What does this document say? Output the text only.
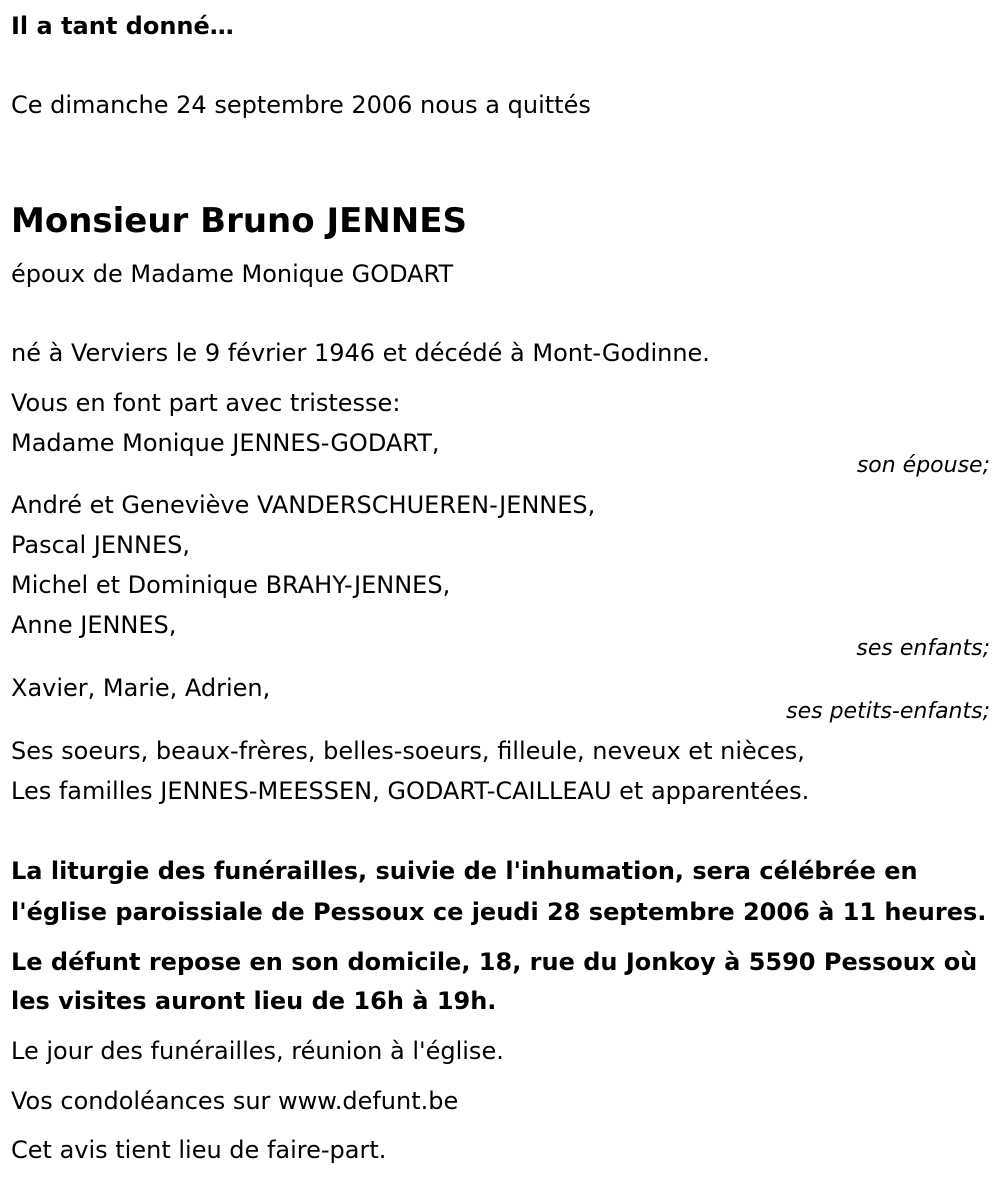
Il a tant donné…

Ce dimanche 24 septembre 2006 nous a quittés

Monsieur Bruno JENNES

époux de Madame Monique GODART

né à Verviers le 9 février 1946 et décédé à Mont-Godinne.

Vous en font part avec tristesse:

Madame Monique JENNES-GODART,

son épouse;

André et Geneviève VANDERSCHUEREN-JENNES,

Pascal JENNES,

Michel et Dominique BRAHY-JENNES,

Anne JENNES,

ses enfants;

Xavier, Marie, Adrien,

ses petits-enfants;

Ses soeurs, beaux-frères, belles-soeurs, filleule, neveux et nièces,

Les familles JENNES-MEESSEN, GODART-CAILLEAU et apparentées.

La liturgie des funérailles, suivie de l'inhumation, sera célébrée en

l'église paroissiale de Pessoux ce jeudi 28 septembre 2006 à 11 heures.

Le défunt repose en son domicile, 18, rue du Jonkoy à 5590 Pessoux où

les visites auront lieu de 16h à 19h.

Le jour des funérailles, réunion à l'église.

Vos condoléances sur www.defunt.be

Cet avis tient lieu de faire-part.
